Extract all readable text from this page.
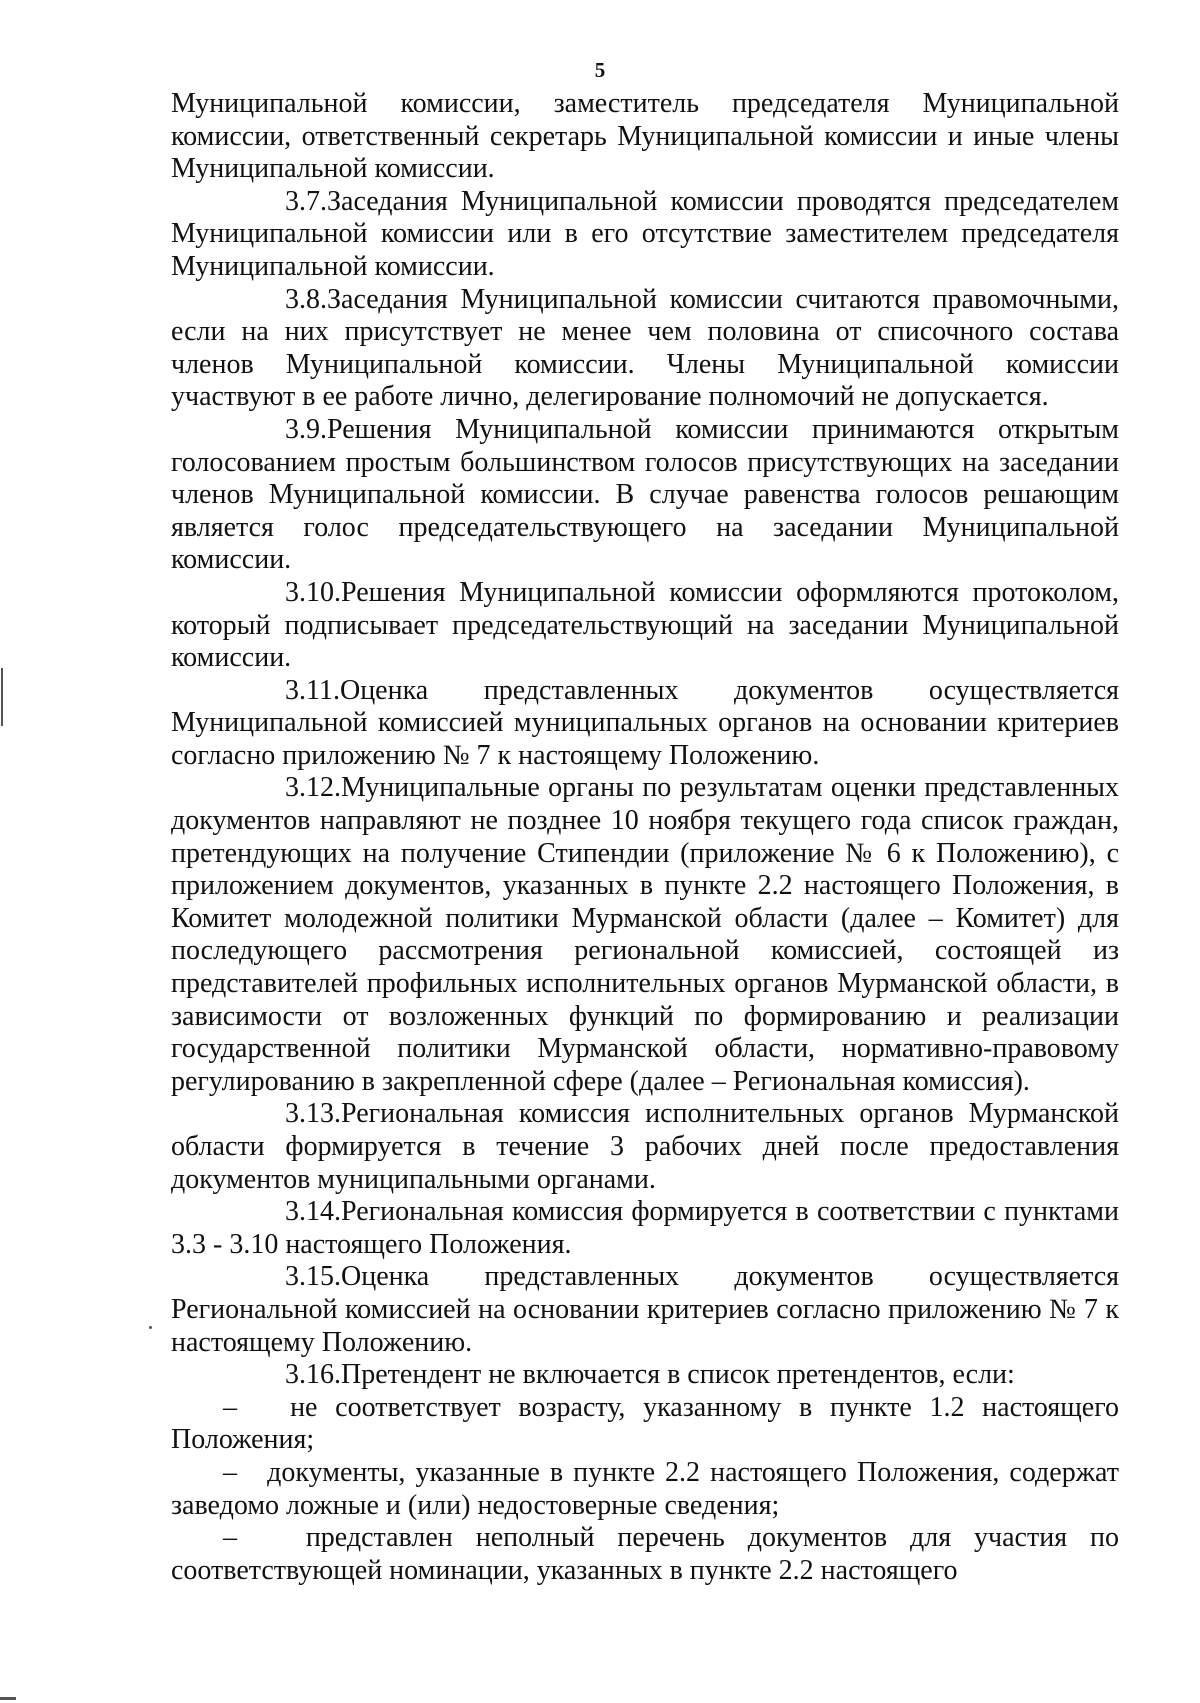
5

Муниципальной комиссии, заместитель председателя Муниципальной комиссии, ответственный секретарь Муниципальной комиссии и иные члены Муниципальной комиссии.

3.7.Заседания Муниципальной комиссии проводятся председателем Муниципальной комиссии или в его отсутствие заместителем председателя Муниципальной комиссии.

3.8.Заседания Муниципальной комиссии считаются правомочными, если на них присутствует не менее чем половина от списочного состава членов Муниципальной комиссии. Члены Муниципальной комиссии участвуют в ее работе лично, делегирование полномочий не допускается.

3.9.Решения Муниципальной комиссии принимаются открытым голосованием простым большинством голосов присутствующих на заседании членов Муниципальной комиссии. В случае равенства голосов решающим является голос председательствующего на заседании Муниципальной комиссии.

3.10.Решения Муниципальной комиссии оформляются протоколом, который подписывает председательствующий на заседании Муниципальной комиссии.

3.11.Оценка представленных документов осуществляется Муниципальной комиссией муниципальных органов на основании критериев согласно приложению № 7 к настоящему Положению.

3.12.Муниципальные органы по результатам оценки представленных документов направляют не позднее 10 ноября текущего года список граждан, претендующих на получение Стипендии (приложение № 6 к Положению), с приложением документов, указанных в пункте 2.2 настоящего Положения, в Комитет молодежной политики Мурманской области (далее – Комитет) для последующего рассмотрения региональной комиссией, состоящей из представителей профильных исполнительных органов Мурманской области, в зависимости от возложенных функций по формированию и реализации государственной политики Мурманской области, нормативно-правовому регулированию в закрепленной сфере (далее – Региональная комиссия).

3.13.Региональная комиссия исполнительных органов Мурманской области формируется в течение 3 рабочих дней после предоставления документов муниципальными органами.

3.14.Региональная комиссия формируется в соответствии с пунктами 3.3 - 3.10 настоящего Положения.

3.15.Оценка представленных документов осуществляется Региональной комиссией на основании критериев согласно приложению № 7 к настоящему Положению.

3.16.Претендент не включается в список претендентов, если:

– не соответствует возрасту, указанному в пункте 1.2 настоящего Положения;

– документы, указанные в пункте 2.2 настоящего Положения, содержат заведомо ложные и (или) недостоверные сведения;

– представлен неполный перечень документов для участия по соответствующей номинации, указанных в пункте 2.2 настоящего
